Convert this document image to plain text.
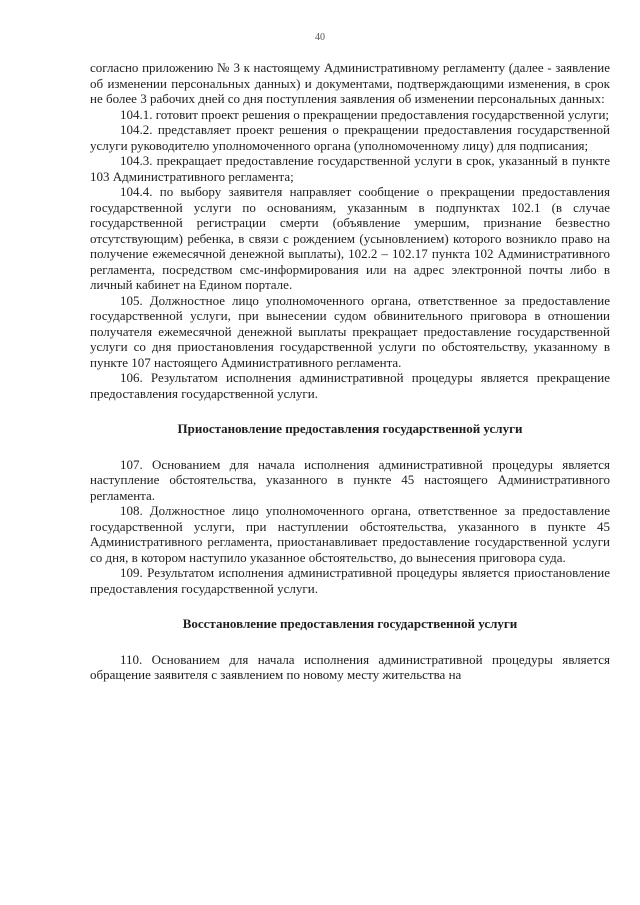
40

согласно приложению № 3 к настоящему Административному регламенту (далее - заявление об изменении персональных данных) и документами, подтверждающими изменения, в срок не более 3 рабочих дней со дня поступления заявления об изменении персональных данных:

104.1. готовит проект решения о прекращении предоставления государственной услуги;

104.2. представляет проект решения о прекращении предоставления государственной услуги руководителю уполномоченного органа (уполномоченному лицу) для подписания;

104.3. прекращает предоставление государственной услуги в срок, указанный в пункте 103 Административного регламента;

104.4. по выбору заявителя направляет сообщение о прекращении предоставления государственной услуги по основаниям, указанным в подпунктах 102.1 (в случае государственной регистрации смерти (объявление умершим, признание безвестно отсутствующим) ребенка, в связи с рождением (усыновлением) которого возникло право на получение ежемесячной денежной выплаты), 102.2 – 102.17 пункта 102 Административного регламента, посредством смс-информирования или на адрес электронной почты либо в личный кабинет на Едином портале.

105. Должностное лицо уполномоченного органа, ответственное за предоставление государственной услуги, при вынесении судом обвинительного приговора в отношении получателя ежемесячной денежной выплаты прекращает предоставление государственной услуги со дня приостановления государственной услуги по обстоятельству, указанному в пункте 107 настоящего Административного регламента.

106. Результатом исполнения административной процедуры является прекращение предоставления государственной услуги.

Приостановление предоставления государственной услуги

107. Основанием для начала исполнения административной процедуры является наступление обстоятельства, указанного в пункте 45 настоящего Административного регламента.

108. Должностное лицо уполномоченного органа, ответственное за предоставление государственной услуги, при наступлении обстоятельства, указанного в пункте 45 Административного регламента, приостанавливает предоставление государственной услуги со дня, в котором наступило указанное обстоятельство, до вынесения приговора суда.

109. Результатом исполнения административной процедуры является приостановление предоставления государственной услуги.

Восстановление предоставления государственной услуги

110. Основанием для начала исполнения административной процедуры является обращение заявителя с заявлением по новому месту жительства на
